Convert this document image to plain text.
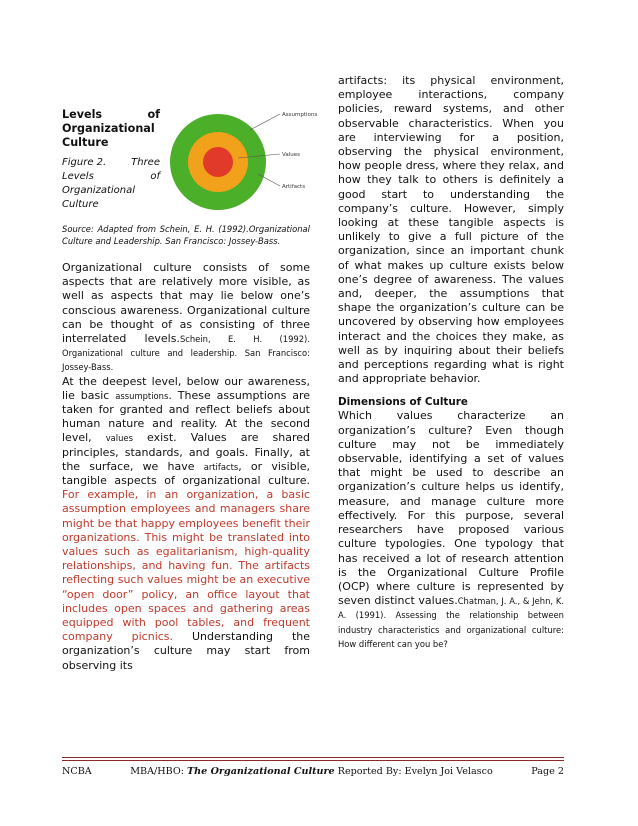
Levels	of
Organizational
Culture
Figure 2. Three
Levels	of
Organizational
Culture
Source: Adapted from Schein, E. H. (1992).Organizational Culture and Leadership. San Francisco: Jossey-Bass.

Organizational culture consists of some aspects that are relatively more visible, as well as aspects that may lie below one’s conscious awareness. Organizational culture can be thought of as consisting of three interrelated levels.Schein, E. H. (1992). Organizational culture and leadership. San Francisco: Jossey-Bass.

At the deepest level, below our awareness, lie basic assumptions. These assumptions are taken for granted and reflect beliefs about human nature and reality. At the second level, values exist. Values are shared principles, standards, and goals. Finally, at the surface, we have artifacts, or visible, tangible aspects of organizational culture. For example, in an organization, a basic assumption employees and managers share might be that happy employees benefit their organizations. This might be translated into values such as egalitarianism, high-quality relationships, and having fun. The artifacts reflecting such values might be an executive “open door” policy, an office layout that includes open spaces and gathering areas equipped with pool tables, and frequent company picnics. Understanding the organization’s culture may start from observing its

Assumptions
Values
Artifacts

artifacts: its physical environment, employee interactions, company policies, reward systems, and other observable characteristics. When you are interviewing for a position, observing the physical environment, how people dress, where they relax, and how they talk to others is definitely a good start to understanding the company’s culture. However, simply looking at these tangible aspects is unlikely to give a full picture of the organization, since an important chunk of what makes up culture exists below one’s degree of awareness. The values and, deeper, the assumptions that shape the organization’s culture can be uncovered by observing how employees interact and the choices they make, as well as by inquiring about their beliefs and perceptions regarding what is right and appropriate behavior.

Dimensions of Culture

Which values characterize an organization’s culture? Even though culture may not be immediately observable, identifying a set of values that might be used to describe an organization’s culture helps us identify, measure, and manage culture more effectively. For this purpose, several researchers have proposed various culture typologies. One typology that has received a lot of research attention is the Organizational Culture Profile (OCP) where culture is represented by seven distinct values.Chatman, J. A., & Jehn, K. A. (1991). Assessing the relationship between industry characteristics and organizational culture: How different can you be?

NCBA	MBA/HBO: The Organizational Culture Reported By: Evelyn Joi Velasco	Page 2
